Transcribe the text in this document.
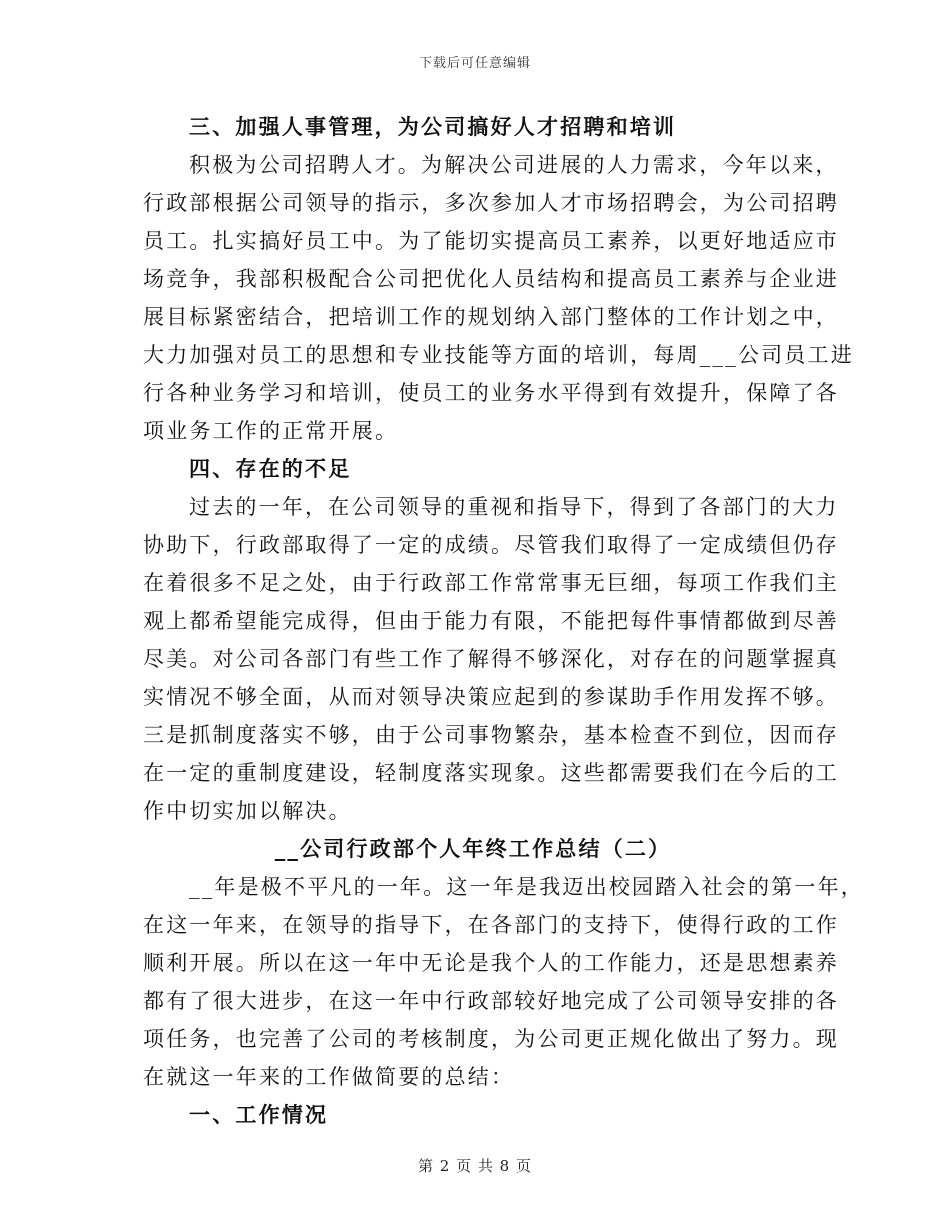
下载后可任意编辑
三、加强人事管理，为公司搞好人才招聘和培训
积极为公司招聘人才。为解决公司进展的人力需求，今年以来，
行政部根据公司领导的指示，多次参加人才市场招聘会，为公司招聘
员工。扎实搞好员工中。为了能切实提高员工素养，以更好地适应市
场竞争，我部积极配合公司把优化人员结构和提高员工素养与企业进
展目标紧密结合，把培训工作的规划纳入部门整体的工作计划之中，
大力加强对员工的思想和专业技能等方面的培训，每周___公司员工进
行各种业务学习和培训，使员工的业务水平得到有效提升，保障了各
项业务工作的正常开展。
四、存在的不足
过去的一年，在公司领导的重视和指导下，得到了各部门的大力
协助下，行政部取得了一定的成绩。尽管我们取得了一定成绩但仍存
在着很多不足之处，由于行政部工作常常事无巨细，每项工作我们主
观上都希望能完成得，但由于能力有限，不能把每件事情都做到尽善
尽美。对公司各部门有些工作了解得不够深化，对存在的问题掌握真
实情况不够全面，从而对领导决策应起到的参谋助手作用发挥不够。
三是抓制度落实不够，由于公司事物繁杂，基本检查不到位，因而存
在一定的重制度建设，轻制度落实现象。这些都需要我们在今后的工
作中切实加以解决。
__公司行政部个人年终工作总结（二）
__年是极不平凡的一年。这一年是我迈出校园踏入社会的第一年，
在这一年来，在领导的指导下，在各部门的支持下，使得行政的工作
顺利开展。所以在这一年中无论是我个人的工作能力，还是思想素养
都有了很大进步，在这一年中行政部较好地完成了公司领导安排的各
项任务，也完善了公司的考核制度，为公司更正规化做出了努力。现
在就这一年来的工作做简要的总结：
一、工作情况
第 2 页 共 8 页
